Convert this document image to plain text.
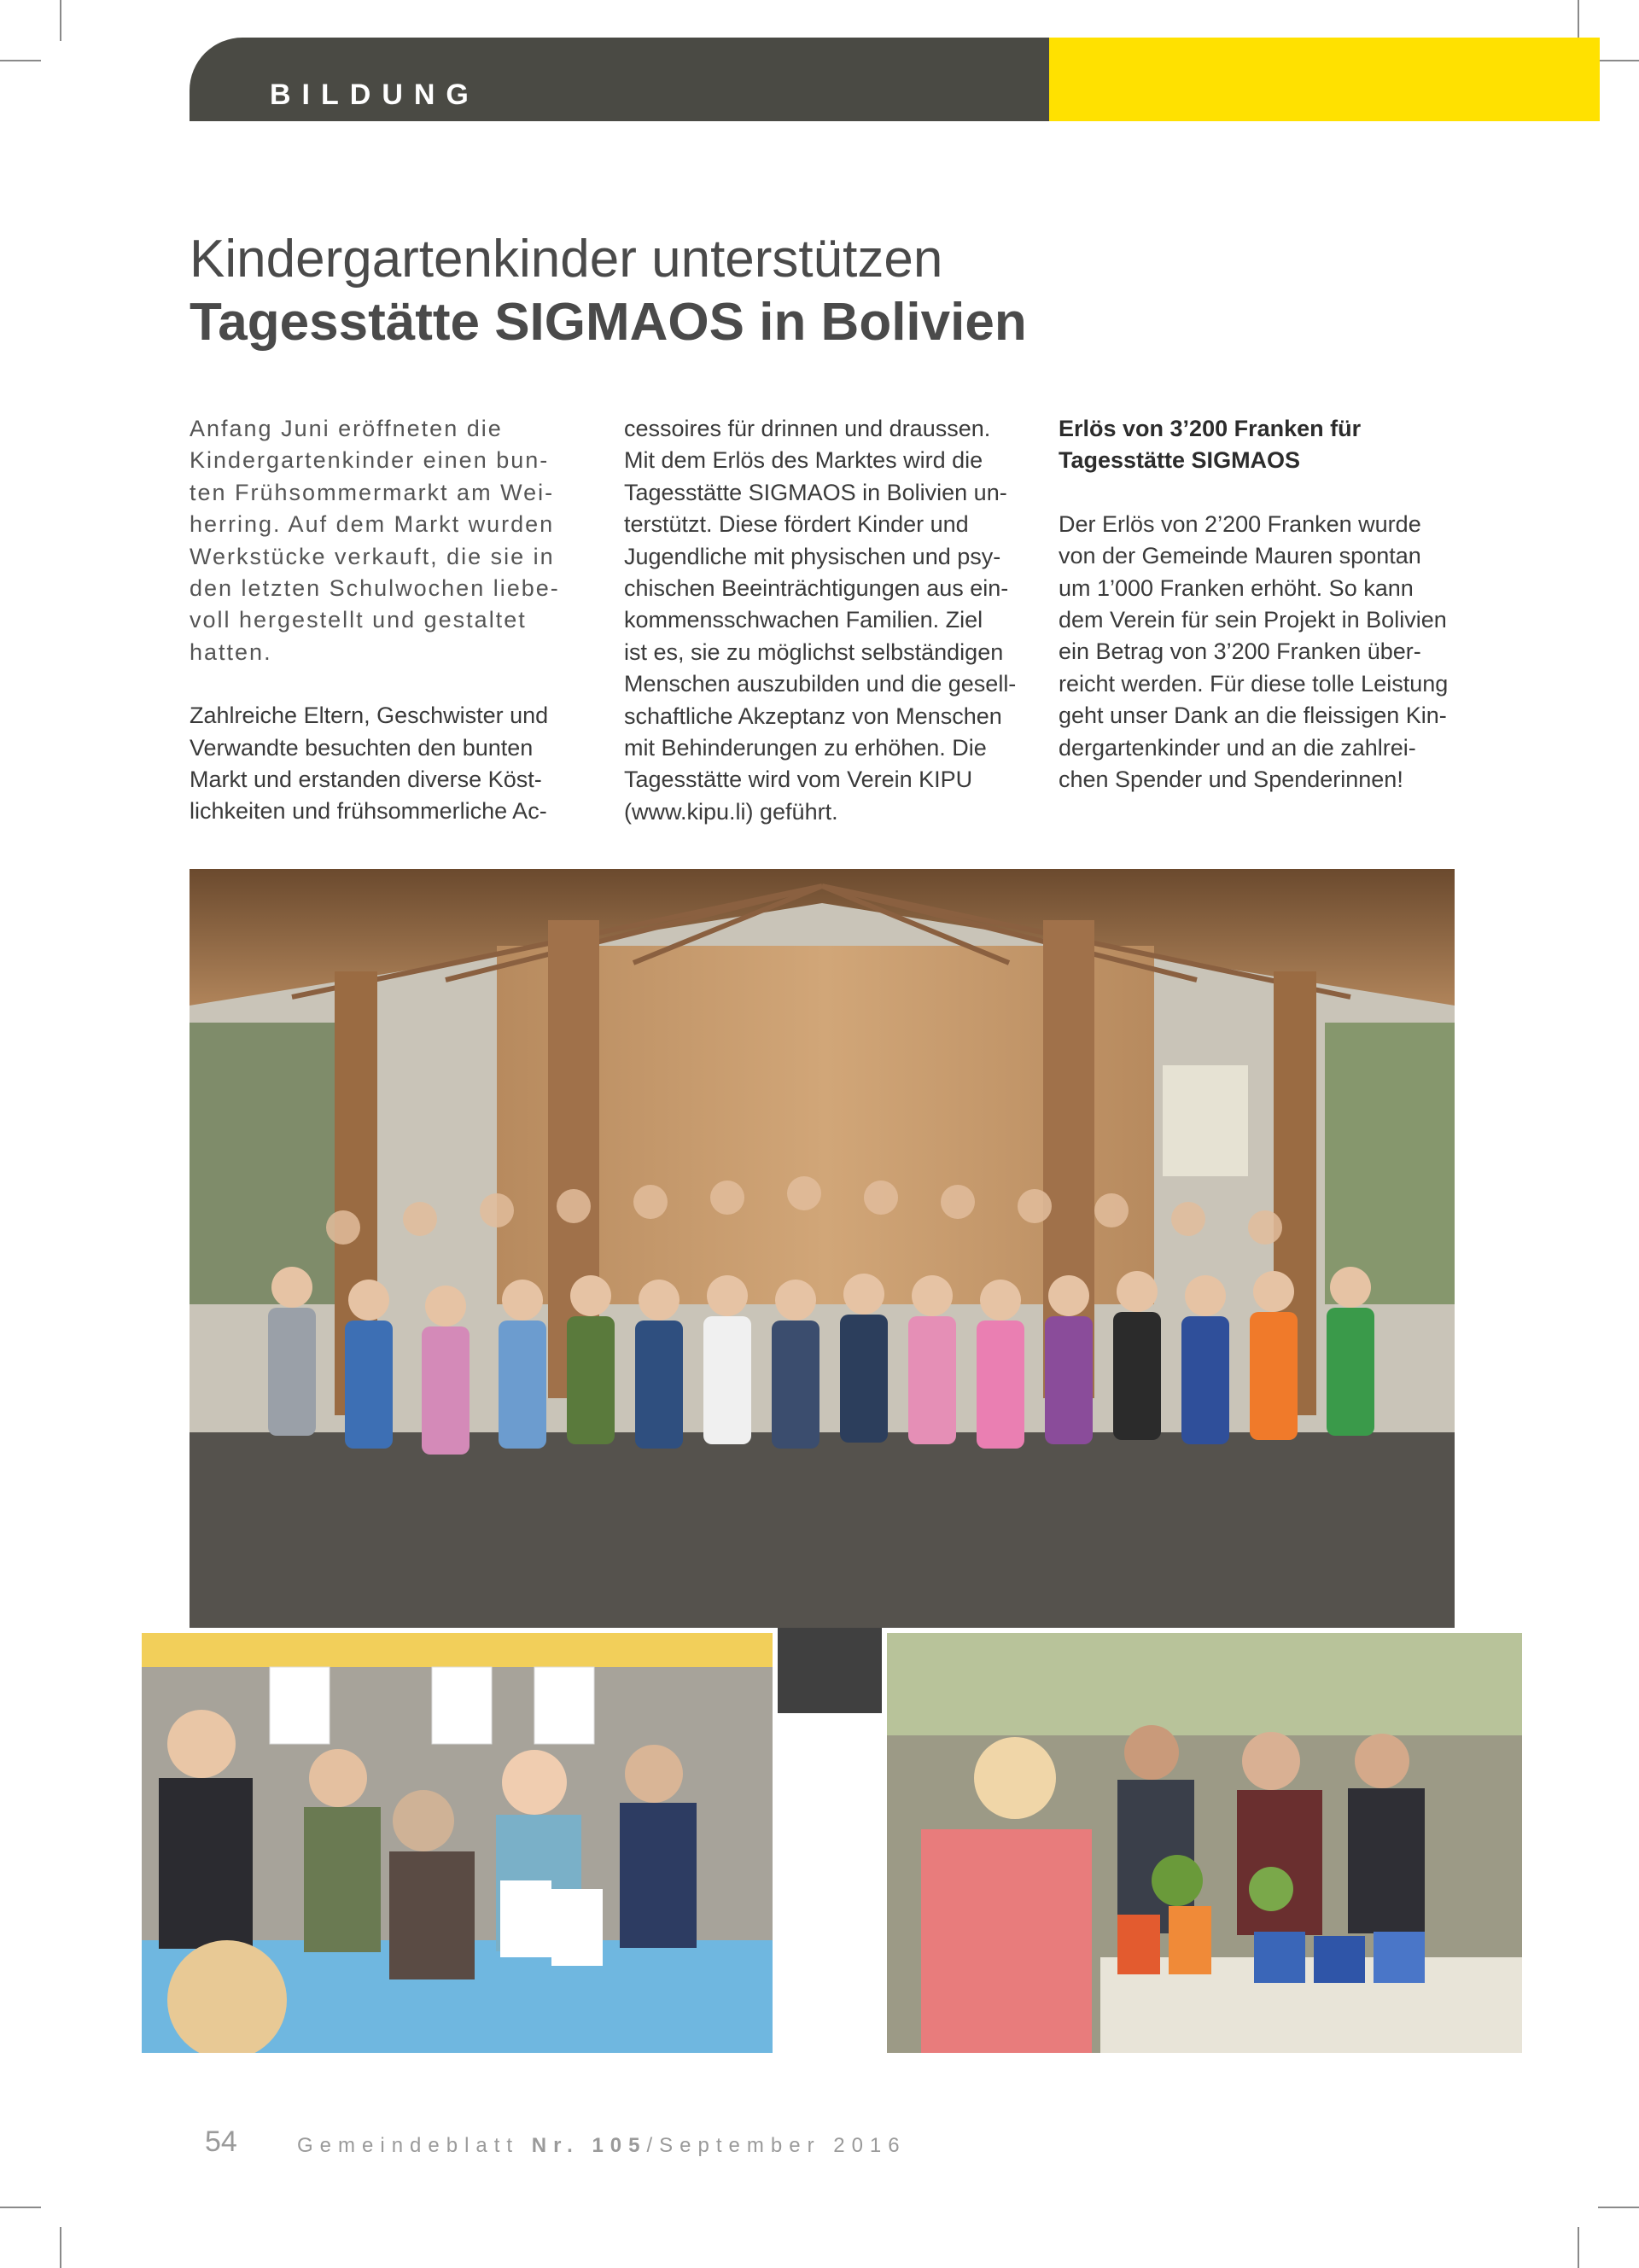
BILDUNG
Kindergartenkinder unterstützen
Tagesstätte SIGMAOS in Bolivien
Anfang Juni eröffneten die
Kindergartenkinder einen bun-
ten Frühsommermarkt am Wei-
herring. Auf dem Markt wurden
Werkstücke verkauft, die sie in
den letzten Schulwochen liebe-
voll hergestellt und gestaltet
hatten.

Zahlreiche Eltern, Geschwister und

Verwandte besuchten den bunten

Markt und erstanden diverse Köst-

lichkeiten und frühsommerliche Ac-

cessoires für drinnen und draussen.

Mit dem Erlös des Marktes wird die

Tagesstätte SIGMAOS in Bolivien un-

terstützt. Diese fördert Kinder und

Jugendliche mit physischen und psy-

chischen Beeinträchtigungen aus ein-

kommensschwachen Familien. Ziel

ist es, sie zu möglichst selbständigen

Menschen auszubilden und die gesell-

schaftliche Akzeptanz von Menschen

mit Behinderungen zu erhöhen. Die

Tagesstätte wird vom Verein KIPU

(www.kipu.li) geführt.

Erlös von 3’200 Franken für
Tagesstätte SIGMAOS

Der Erlös von 2’200 Franken wurde

von der Gemeinde Mauren spontan

um 1’000 Franken erhöht. So kann

dem Verein für sein Projekt in Bolivien

ein Betrag von 3’200 Franken über-

reicht werden. Für diese tolle Leistung

geht unser Dank an die fleissigen Kin-

dergartenkinder und an die zahlrei-

chen Spender und Spenderinnen!

54	Gemeindeblatt Nr. 105/September 2016
